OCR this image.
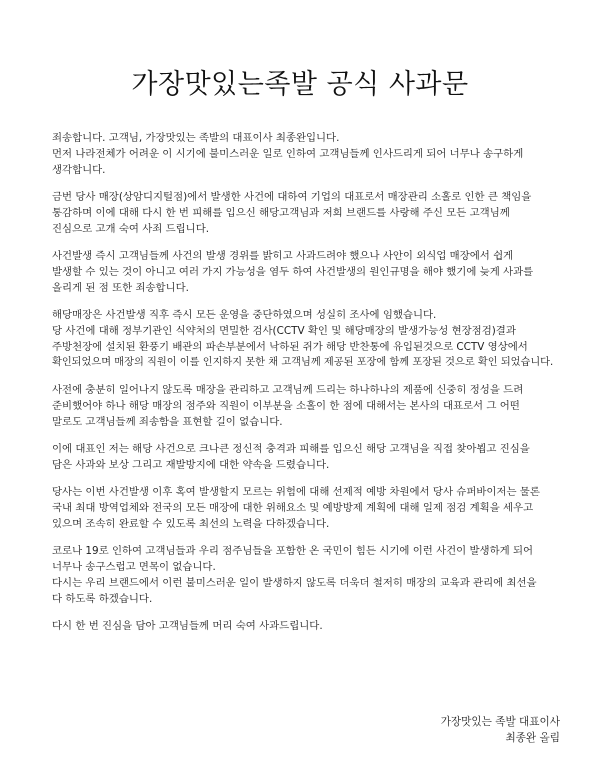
가장맛있는족발 공식 사과문
죄송합니다. 고객님, 가장맛있는 족발의 대표이사 최종완입니다.
먼저 나라전체가 어려운 이 시기에 불미스러운 일로 인하여 고객님들께 인사드리게 되어 너무나 송구하게
생각합니다.
금번 당사 매장(상암디지털점)에서 발생한 사건에 대하여 기업의 대표로서 매장관리 소홀로 인한 큰 책임을
통감하며 이에 대해 다시 한 번 피해를 입으신 해당고객님과 저희 브랜드를 사랑해 주신 모든 고객님께
진심으로 고개 숙여 사죄 드립니다.
사건발생 즉시 고객님들께 사건의 발생 경위를 밝히고 사과드려야 했으나 사안이 외식업 매장에서 쉽게
발생할 수 있는 것이 아니고 여러 가지 가능성을 염두 하여 사건발생의 원인규명을 해야 했기에 늦게 사과를
올리게 된 점 또한 죄송합니다.
해당매장은 사건발생 직후 즉시 모든 운영을 중단하였으며 성실히 조사에 임했습니다.
당 사건에 대해 정부기관인 식약처의 면밀한 검사(CCTV 확인 및 해당매장의 발생가능성 현장점검)결과
주방천장에 설치된 환풍기 배관의 파손부분에서 낙하된 쥐가 해당 반찬통에 유입된것으로 CCTV 영상에서
확인되었으며 매장의 직원이 이를 인지하지 못한 채 고객님께 제공된 포장에 함께 포장된 것으로 확인 되었습니다.
사전에 충분히 일어나지 않도록 매장을 관리하고 고객님께 드리는 하나하나의 제품에 신중히 정성을 드려
준비했어야 하나 해당 매장의 점주와 직원이 이부분을 소홀이 한 점에 대해서는 본사의 대표로서 그 어떤
말로도 고객님들께 죄송함을 표현할 길이 없습니다.
이에 대표인 저는 해당 사건으로 크나큰 정신적 충격과 피해를 입으신 해당 고객님을 직접 찾아뵙고 진심을
담은 사과와 보상 그리고 재발방지에 대한 약속을 드렸습니다.
당사는 이번 사건발생 이후 혹여 발생할지 모르는 위험에 대해 선제적 예방 차원에서 당사 슈퍼바이저는 물론
국내 최대 방역업체와 전국의 모든 매장에 대한 위해요소 및 예방방제 계획에 대해 일제 점검 계획을 세우고
있으며 조속히 완료할 수 있도록 최선의 노력을 다하겠습니다.
코로나 19로 인하여 고객님들과 우리 점주님들을 포함한 온 국민이 힘든 시기에 이런 사건이 발생하게 되어
너무나 송구스럽고 면목이 없습니다.
다시는 우리 브랜드에서 이런 불미스러운 일이 발생하지 않도록 더욱더 철저히 매장의 교육과 관리에 최선을
다 하도록 하겠습니다.
다시 한 번 진심을 담아 고객님들께 머리 숙여 사과드립니다.
가장맛있는 족발 대표이사
최종완 올림
